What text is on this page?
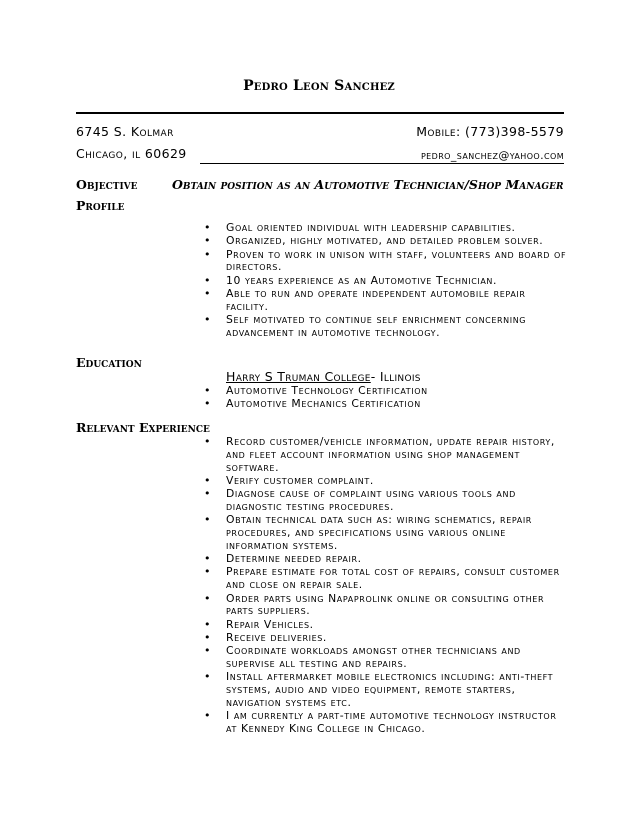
Pedro Leon Sanchez
6745 S. Kolmar	Mobile: (773)398-5579
Chicago, il 60629	pedro_sanchez@yahoo.com
Objective	Obtain position as an Automotive Technician/Shop Manager
Profile
• Goal oriented individual with leadership capabilities.
• Organized, highly motivated, and detailed problem solver.
• Proven to work in unison with staff, volunteers and board of directors.
• 10 years experience as an Automotive Technician.
• Able to run and operate independent automobile repair facility.
• Self motivated to continue self enrichment concerning advancement in automotive technology.
Education
Harry S Truman College- Illinois
• Automotive Technology Certification
• Automotive Mechanics Certification
Relevant Experience
• Record customer/vehicle information, update repair history, and fleet account information using shop management software.
• Verify customer complaint.
• Diagnose cause of complaint using various tools and diagnostic testing procedures.
• Obtain technical data such as: wiring schematics, repair procedures, and specifications using various online information systems.
• Determine needed repair.
• Prepare estimate for total cost of repairs, consult customer and close on repair sale.
• Order parts using Napaprolink online or consulting other parts suppliers.
• Repair Vehicles.
• Receive deliveries.
• Coordinate workloads amongst other technicians and supervise all testing and repairs.
• Install aftermarket mobile electronics including: anti-theft systems, audio and video equipment, remote starters, navigation systems etc.
• I am currently a part-time automotive technology instructor at Kennedy King College in Chicago.
